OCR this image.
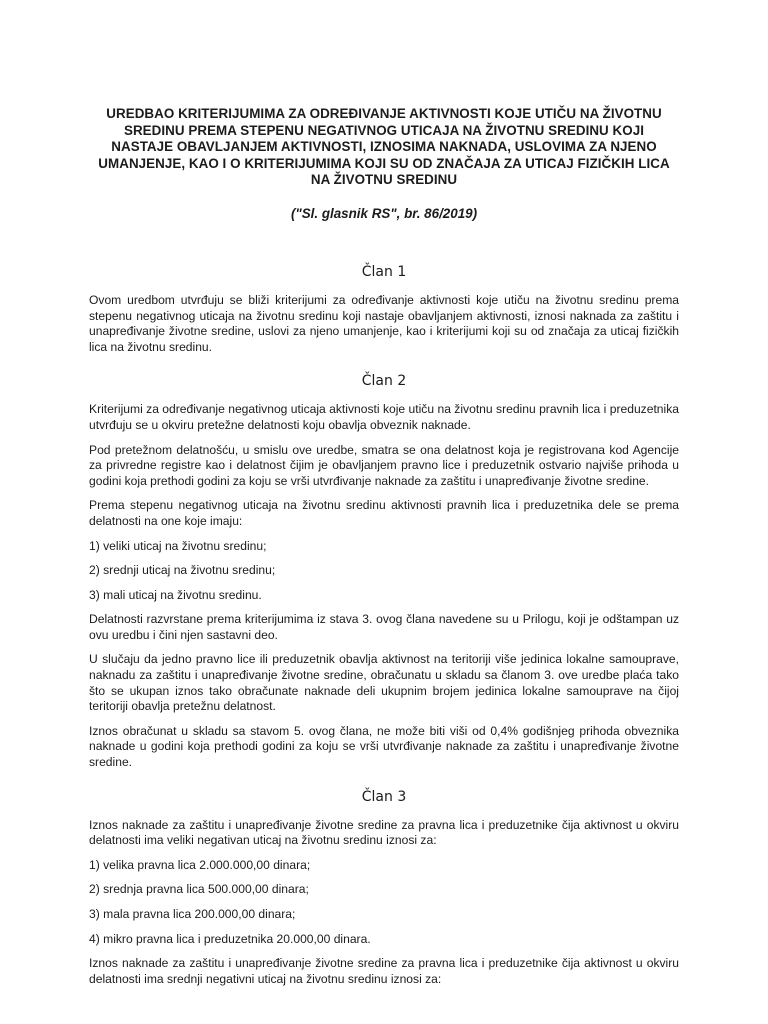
UREDBAO KRITERIJUMIMA ZA ODREĐIVANJE AKTIVNOSTI KOJE UTIČU NA ŽIVOTNU SREDINU PREMA STEPENU NEGATIVNOG UTICAJA NA ŽIVOTNU SREDINU KOJI NASTAJE OBAVLJANJEM AKTIVNOSTI, IZNOSIMA NAKNADA, USLOVIMA ZA NJENO UMANJENJE, KAO I O KRITERIJUMIMA KOJI SU OD ZNAČAJA ZA UTICAJ FIZIČKIH LICA NA ŽIVOTNU SREDINU

("Sl. glasnik RS", br. 86/2019)

Član 1

Ovom uredbom utvrđuju se bliži kriterijumi za određivanje aktivnosti koje utiču na životnu sredinu prema stepenu negativnog uticaja na životnu sredinu koji nastaje obavljanjem aktivnosti, iznosi naknada za zaštitu i unapređivanje životne sredine, uslovi za njeno umanjenje, kao i kriterijumi koji su od značaja za uticaj fizičkih lica na životnu sredinu.

Član 2

Kriterijumi za određivanje negativnog uticaja aktivnosti koje utiču na životnu sredinu pravnih lica i preduzetnika utvrđuju se u okviru pretežne delatnosti koju obavlja obveznik naknade.

Pod pretežnom delatnošću, u smislu ove uredbe, smatra se ona delatnost koja je registrovana kod Agencije za privredne registre kao i delatnost čijim je obavljanjem pravno lice i preduzetnik ostvario najviše prihoda u godini koja prethodi godini za koju se vrši utvrđivanje naknade za zaštitu i unapređivanje životne sredine.

Prema stepenu negativnog uticaja na životnu sredinu aktivnosti pravnih lica i preduzetnika dele se prema delatnosti na one koje imaju:

1) veliki uticaj na životnu sredinu;

2) srednji uticaj na životnu sredinu;

3) mali uticaj na životnu sredinu.

Delatnosti razvrstane prema kriterijumima iz stava 3. ovog člana navedene su u Prilogu, koji je odštampan uz ovu uredbu i čini njen sastavni deo.

U slučaju da jedno pravno lice ili preduzetnik obavlja aktivnost na teritoriji više jedinica lokalne samouprave, naknadu za zaštitu i unapređivanje životne sredine, obračunatu u skladu sa članom 3. ove uredbe plaća tako što se ukupan iznos tako obračunate naknade deli ukupnim brojem jedinica lokalne samouprave na čijoj teritoriji obavlja pretežnu delatnost.

Iznos obračunat u skladu sa stavom 5. ovog člana, ne može biti viši od 0,4% godišnjeg prihoda obveznika naknade u godini koja prethodi godini za koju se vrši utvrđivanje naknade za zaštitu i unapređivanje životne sredine.

Član 3

Iznos naknade za zaštitu i unapređivanje životne sredine za pravna lica i preduzetnike čija aktivnost u okviru delatnosti ima veliki negativan uticaj na životnu sredinu iznosi za:

1) velika pravna lica 2.000.000,00 dinara;

2) srednja pravna lica 500.000,00 dinara;

3) mala pravna lica 200.000,00 dinara;

4) mikro pravna lica i preduzetnika 20.000,00 dinara.

Iznos naknade za zaštitu i unapređivanje životne sredine za pravna lica i preduzetnike čija aktivnost u okviru delatnosti ima srednji negativni uticaj na životnu sredinu iznosi za:
